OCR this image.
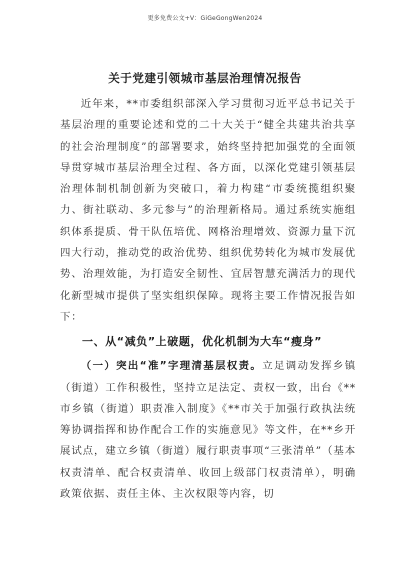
更多免费公文+V：GiGeGongWen2024
关于党建引领城市基层治理情况报告

近年来，**市委组织部深入学习贯彻习近平总书记关于基层治理的重要论述和党的二十大关于“健全共建共治共享的社会治理制度”的部署要求，始终坚持把加强党的全面领导贯穿城市基层治理全过程、各方面，以深化党建引领基层治理体制机制创新为突破口，着力构建“市委统揽组织聚力、街社联动、多元参与”的治理新格局。通过系统实施组织体系提质、骨干队伍培优、网格治理增效、资源力量下沉四大行动，推动党的政治优势、组织优势转化为城市发展优势、治理效能，为打造安全韧性、宜居智慧充满活力的现代化新型城市提供了坚实组织保障。现将主要工作情况报告如下：

一、从“减负”上破题，优化机制为大车“瘦身”

（一）突出“准”字理清基层权责。立足调动发挥乡镇（街道）工作积极性，坚持立足法定、责权一致，出台《**市乡镇（街道）职责准入制度》《**市关于加强行政执法统筹协调指挥和协作配合工作的实施意见》等文件，在**乡开展试点，建立乡镇（街道）履行职责事项“三张清单”（基本权责清单、配合权责清单、收回上级部门权责清单），明确政策依据、责任主体、主次权限等内容，切
